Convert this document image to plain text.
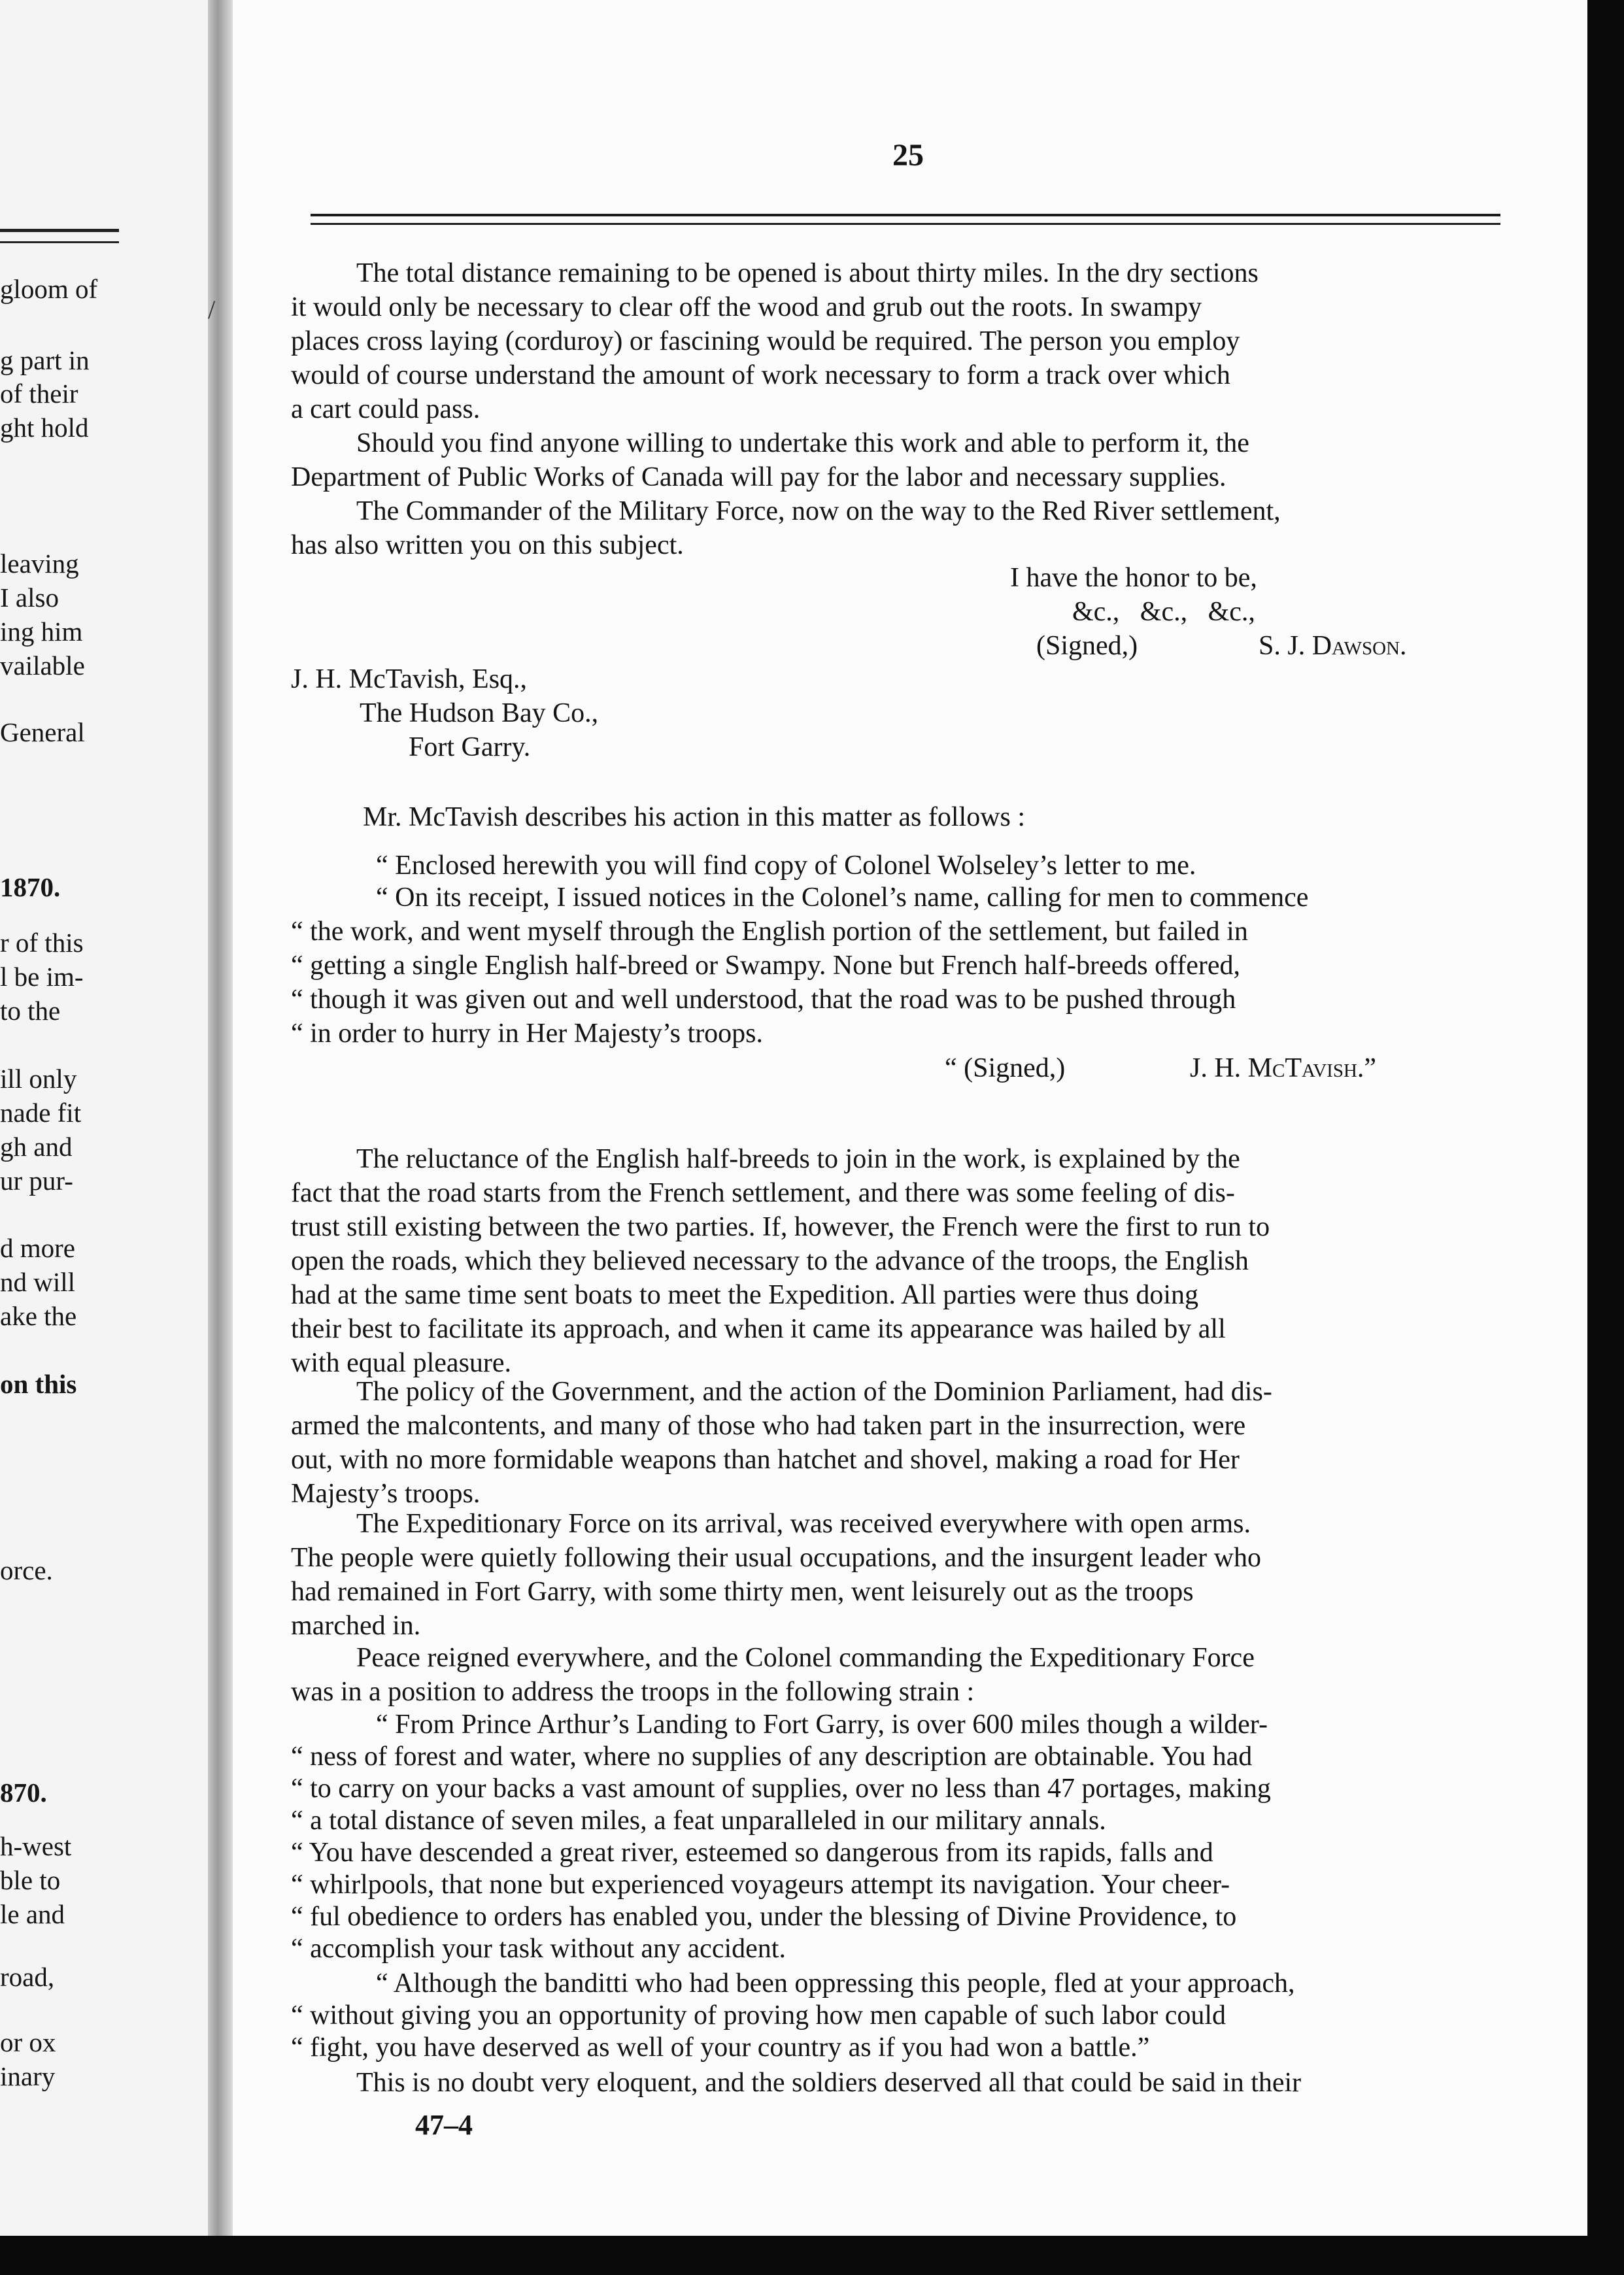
gloom of
g part in
of their
ght hold
leaving
I also
ing him
vailable
General
1870.
r of this
l be im-
to the
ill only
nade fit
gh and
ur pur-
d more
nd will
ake the
on this
orce.
870.
h-west
ble to
le and
road,
or ox
inary
25
/
The total distance remaining to be opened is about thirty miles. In the dry sections
it would only be necessary to clear off the wood and grub out the roots. In swampy
places cross laying (corduroy) or fascining would be required. The person you employ
would of course understand the amount of work necessary to form a track over which
a cart could pass.
Should you find anyone willing to undertake this work and able to perform it, the
Department of Public Works of Canada will pay for the labor and necessary supplies.
The Commander of the Military Force, now on the way to the Red River settlement,
has also written you on this subject.
I have the honor to be,
&c.,   &c.,   &c.,
(Signed,)	S. J. Dawson.
J. H. McTavish, Esq.,
The Hudson Bay Co.,
Fort Garry.
Mr. McTavish describes his action in this matter as follows :
“ Enclosed herewith you will find copy of Colonel Wolseley’s letter to me.
“ On its receipt, I issued notices in the Colonel’s name, calling for men to commence
“ the work, and went myself through the English portion of the settlement, but failed in
“ getting a single English half-breed or Swampy. None but French half-breeds offered,
“ though it was given out and well understood, that the road was to be pushed through
“ in order to hurry in Her Majesty’s troops.
“ (Signed,)	J. H. McTavish.”
The reluctance of the English half-breeds to join in the work, is explained by the
fact that the road starts from the French settlement, and there was some feeling of dis-
trust still existing between the two parties. If, however, the French were the first to run to
open the roads, which they believed necessary to the advance of the troops, the English
had at the same time sent boats to meet the Expedition. All parties were thus doing
their best to facilitate its approach, and when it came its appearance was hailed by all
with equal pleasure.
The policy of the Government, and the action of the Dominion Parliament, had dis-
armed the malcontents, and many of those who had taken part in the insurrection, were
out, with no more formidable weapons than hatchet and shovel, making a road for Her
Majesty’s troops.
The Expeditionary Force on its arrival, was received everywhere with open arms.
The people were quietly following their usual occupations, and the insurgent leader who
had remained in Fort Garry, with some thirty men, went leisurely out as the troops
marched in.
Peace reigned everywhere, and the Colonel commanding the Expeditionary Force
was in a position to address the troops in the following strain :
“ From Prince Arthur’s Landing to Fort Garry, is over 600 miles though a wilder-
“ ness of forest and water, where no supplies of any description are obtainable. You had
“ to carry on your backs a vast amount of supplies, over no less than 47 portages, making
“ a total distance of seven miles, a feat unparalleled in our military annals.
“ You have descended a great river, esteemed so dangerous from its rapids, falls and
“ whirlpools, that none but experienced voyageurs attempt its navigation. Your cheer-
“ ful obedience to orders has enabled you, under the blessing of Divine Providence, to
“ accomplish your task without any accident.
“ Although the banditti who had been oppressing this people, fled at your approach,
“ without giving you an opportunity of proving how men capable of such labor could
“ fight, you have deserved as well of your country as if you had won a battle.”
This is no doubt very eloquent, and the soldiers deserved all that could be said in their
47–4
